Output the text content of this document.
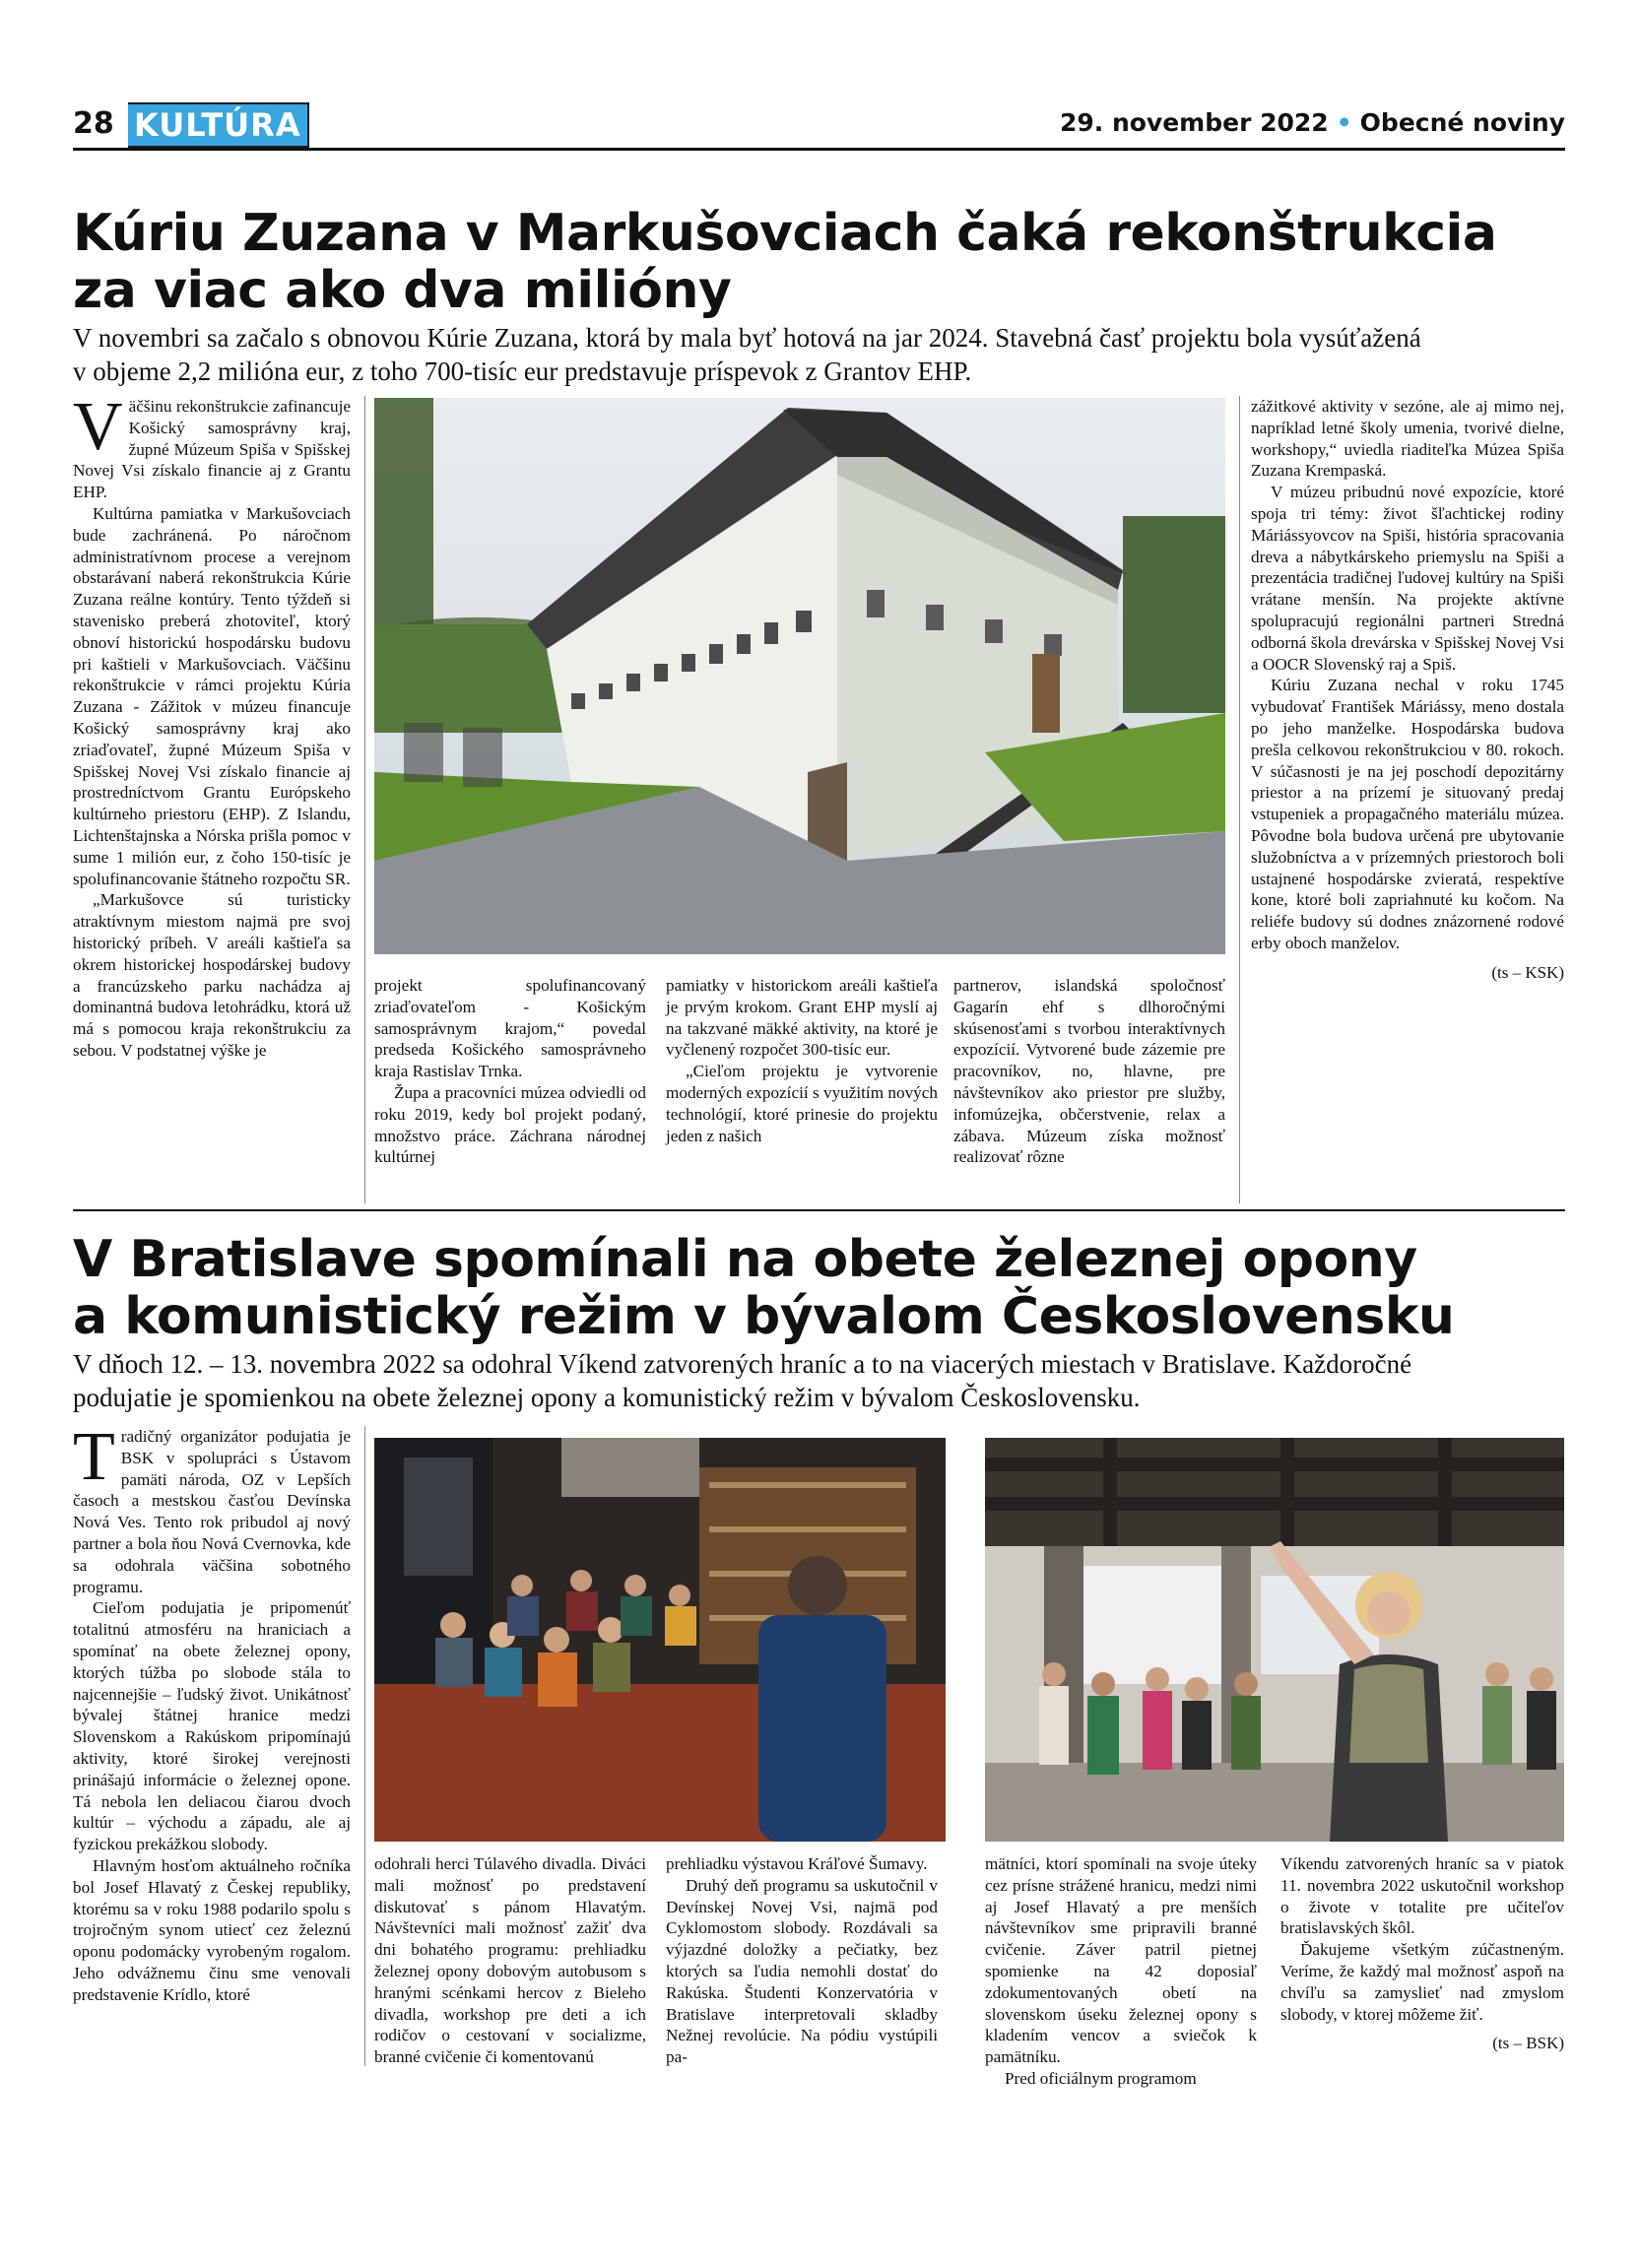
28 KULTÚRA	29. november 2022 • Obecné noviny
Kúriu Zuzana v Markušovciach čaká rekonštrukcia
za viac ako dva milióny

V novembri sa začalo s obnovou Kúrie Zuzana, ktorá by mala byť hotová na jar 2024. Stavebná časť projektu bola vysúťažená

v objeme 2,2 milióna eur, z toho 700-tisíc eur predstavuje príspevok z Grantov EHP.

Väčšinu rekonštrukcie zafinancuje Košický samosprávny kraj, župné Múzeum Spiša v Spišskej Novej Vsi získalo financie aj z Grantu EHP.

Kultúrna pamiatka v Markušovciach bude zachránená. Po náročnom administratívnom procese a verejnom obstarávaní naberá rekonštrukcia Kúrie Zuzana reálne kontúry. Tento týždeň si stavenisko preberá zhotoviteľ, ktorý obnoví historickú hospodársku budovu pri kaštieli v Markušovciach. Väčšinu rekonštrukcie v rámci projektu Kúria Zuzana - Zážitok v múzeu financuje Košický samosprávny kraj ako zriaďovateľ, župné Múzeum Spiša v Spišskej Novej Vsi získalo financie aj prostredníctvom Grantu Európskeho kultúrneho priestoru (EHP). Z Islandu, Lichtenštajnska a Nórska prišla pomoc v sume 1 milión eur, z čoho 150-tisíc je spolufinancovanie štátneho rozpočtu SR.

„Markušovce sú turisticky atraktívnym miestom najmä pre svoj historický príbeh. V areáli kaštieľa sa okrem historickej hospodárskej budovy a francúzskeho parku nachádza aj dominantná budova letohrádku, ktorá už má s pomocou kraja rekonštrukciu za sebou. V podstatnej výške je

projekt spolufinancovaný zriaďovateľom - Košickým samosprávnym krajom,“ povedal predseda Košického samosprávneho kraja Rastislav Trnka.

Župa a pracovníci múzea odviedli od roku 2019, kedy bol projekt podaný, množstvo práce. Záchrana národnej kultúrnej

pamiatky v historickom areáli kaštieľa je prvým krokom. Grant EHP myslí aj na takzvané mäkké aktivity, na ktoré je vyčlenený rozpočet 300-tisíc eur.

„Cieľom projektu je vytvorenie moderných expozícií s využitím nových technológií, ktoré prinesie do projektu jeden z našich

partnerov, islandská spoločnosť Gagarín ehf s dlhoročnými skúsenosťami s tvorbou interaktívnych expozícií. Vytvorené bude zázemie pre pracovníkov, no, hlavne, pre návštevníkov ako priestor pre služby, infomúzejka, občerstvenie, relax a zábava. Múzeum získa možnosť realizovať rôzne

zážitkové aktivity v sezóne, ale aj mimo nej, napríklad letné školy umenia, tvorivé dielne, workshopy,“ uviedla riaditeľka Múzea Spiša Zuzana Krempaská.

V múzeu pribudnú nové expozície, ktoré spoja tri témy: život šľachtickej rodiny Máriássyovcov na Spiši, história spracovania dreva a nábytkárskeho priemyslu na Spiši a prezentácia tradičnej ľudovej kultúry na Spiši vrátane menšín. Na projekte aktívne spolupracujú regionálni partneri Stredná odborná škola drevárska v Spišskej Novej Vsi a OOCR Slovenský raj a Spiš.

Kúriu Zuzana nechal v roku 1745 vybudovať František Máriássy, meno dostala po jeho manželke. Hospodárska budova prešla celkovou rekonštrukciou v 80. rokoch. V súčasnosti je na jej poschodí depozitárny priestor a na prízemí je situovaný predaj vstupeniek a propagačného materiálu múzea. Pôvodne bola budova určená pre ubytovanie služobníctva a v prízemných priestoroch boli ustajnené hospodárske zvieratá, respektíve kone, ktoré boli zapriahnuté ku kočom. Na reliéfe budovy sú dodnes znázornené rodové erby oboch manželov.

(ts – KSK)
V Bratislave spomínali na obete železnej opony
a komunistický režim v bývalom Československu

V dňoch 12. – 13. novembra 2022 sa odohral Víkend zatvorených hraníc a to na viacerých miestach v Bratislave. Každoročné

podujatie je spomienkou na obete železnej opony a komunistický režim v bývalom Československu.

Tradičný organizátor podujatia je BSK v spolupráci s Ústavom pamäti národa, OZ v Lepších časoch a mestskou časťou Devínska Nová Ves. Tento rok pribudol aj nový partner a bola ňou Nová Cvernovka, kde sa odohrala väčšina sobotného programu.

Cieľom podujatia je pripomenúť totalitnú atmosféru na hraniciach a spomínať na obete železnej opony, ktorých túžba po slobode stála to najcennejšie – ľudský život. Unikátnosť bývalej štátnej hranice medzi Slovenskom a Rakúskom pripomínajú aktivity, ktoré širokej verejnosti prinášajú informácie o železnej opone. Tá nebola len deliacou čiarou dvoch kultúr – východu a západu, ale aj fyzickou prekážkou slobody.

Hlavným hosťom aktuálneho ročníka bol Josef Hlavatý z Českej republiky, ktorému sa v roku 1988 podarilo spolu s trojročným synom utiecť cez železnú oponu podomácky vyrobeným rogalom. Jeho odvážnemu činu sme venovali predstavenie Krídlo, ktoré

odohrali herci Túlavého divadla. Diváci mali možnosť po predstavení diskutovať s pánom Hlavatým. Návštevníci mali možnosť zažiť dva dni bohatého programu: prehliadku železnej opony dobovým autobusom s hranými scénkami hercov z Bieleho divadla, workshop pre deti a ich rodičov o cestovaní v socializme, branné cvičenie či komentovanú

prehliadku výstavou Kráľové Šumavy.

Druhý deň programu sa uskutočnil v Devínskej Novej Vsi, najmä pod Cyklomostom slobody. Rozdávali sa výjazdné doložky a pečiatky, bez ktorých sa ľudia nemohli dostať do Rakúska. Študenti Konzervatória v Bratislave interpretovali skladby Nežnej revolúcie. Na pódiu vystúpili pa-

mätníci, ktorí spomínali na svoje úteky cez prísne strážené hranicu, medzi nimi aj Josef Hlavatý a pre menších návštevníkov sme pripravili branné cvičenie. Záver patril pietnej spomienke na 42 doposiaľ zdokumentovaných obetí na slovenskom úseku železnej opony s kladením vencov a sviečok k pamätníku.

Pred oficiálnym programom

Víkendu zatvorených hraníc sa v piatok 11. novembra 2022 uskutočnil workshop o živote v totalite pre učiteľov bratislavských škôl.

Ďakujeme všetkým zúčastneným. Veríme, že každý mal možnosť aspoň na chvíľu sa zamyslieť nad zmyslom slobody, v ktorej môžeme žiť.

(ts – BSK)
